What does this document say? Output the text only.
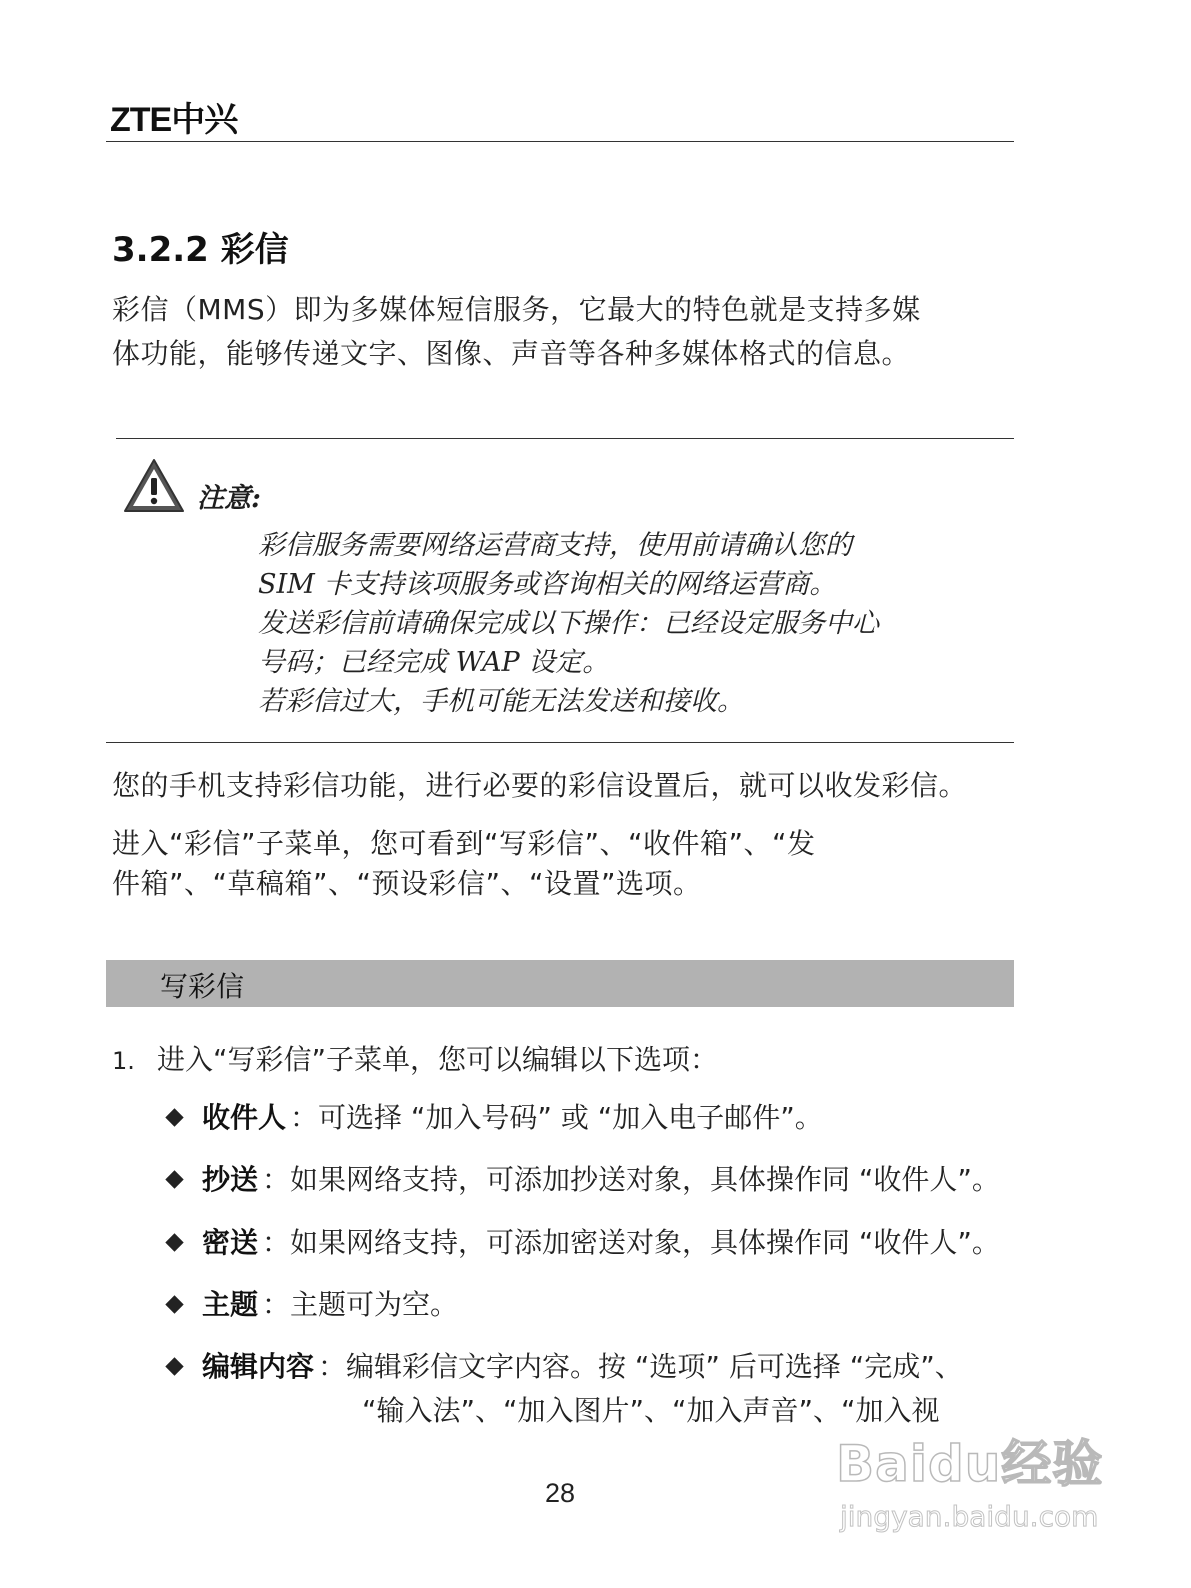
ZTE中兴
3.2.2 彩信

彩信（MMS）即为多媒体短信服务，它最大的特色就是支持多媒

体功能，能够传递文字、图像、声音等各种多媒体格式的信息。

注意:
彩信服务需要网络运营商支持，使用前请确认您的
SIM 卡支持该项服务或咨询相关的网络运营商。
发送彩信前请确保完成以下操作：已经设定服务中心
号码；已经完成 WAP 设定。
若彩信过大，手机可能无法发送和接收。

您的手机支持彩信功能，进行必要的彩信设置后，就可以收发彩信。

进入“彩信”子菜单，您可看到“写彩信”、“收件箱”、“发

件箱”、“草稿箱”、“预设彩信”、“设置”选项。

写彩信
1. 进入“写彩信”子菜单，您可以编辑以下选项：
收件人 ：可选择 “加入号码” 或 “加入电子邮件”。
抄送 ：如果网络支持，可添加抄送对象，具体操作同 “收件人”。
密送 ：如果网络支持，可添加密送对象，具体操作同 “收件人”。
主题 ：主题可为空。
编辑内容 ：编辑彩信文字内容。按 “选项” 后可选择 “完成”、
“输入法”、“加入图片”、“加入声音”、“加入视
28	Baidu经验
jingyan.baidu.com
